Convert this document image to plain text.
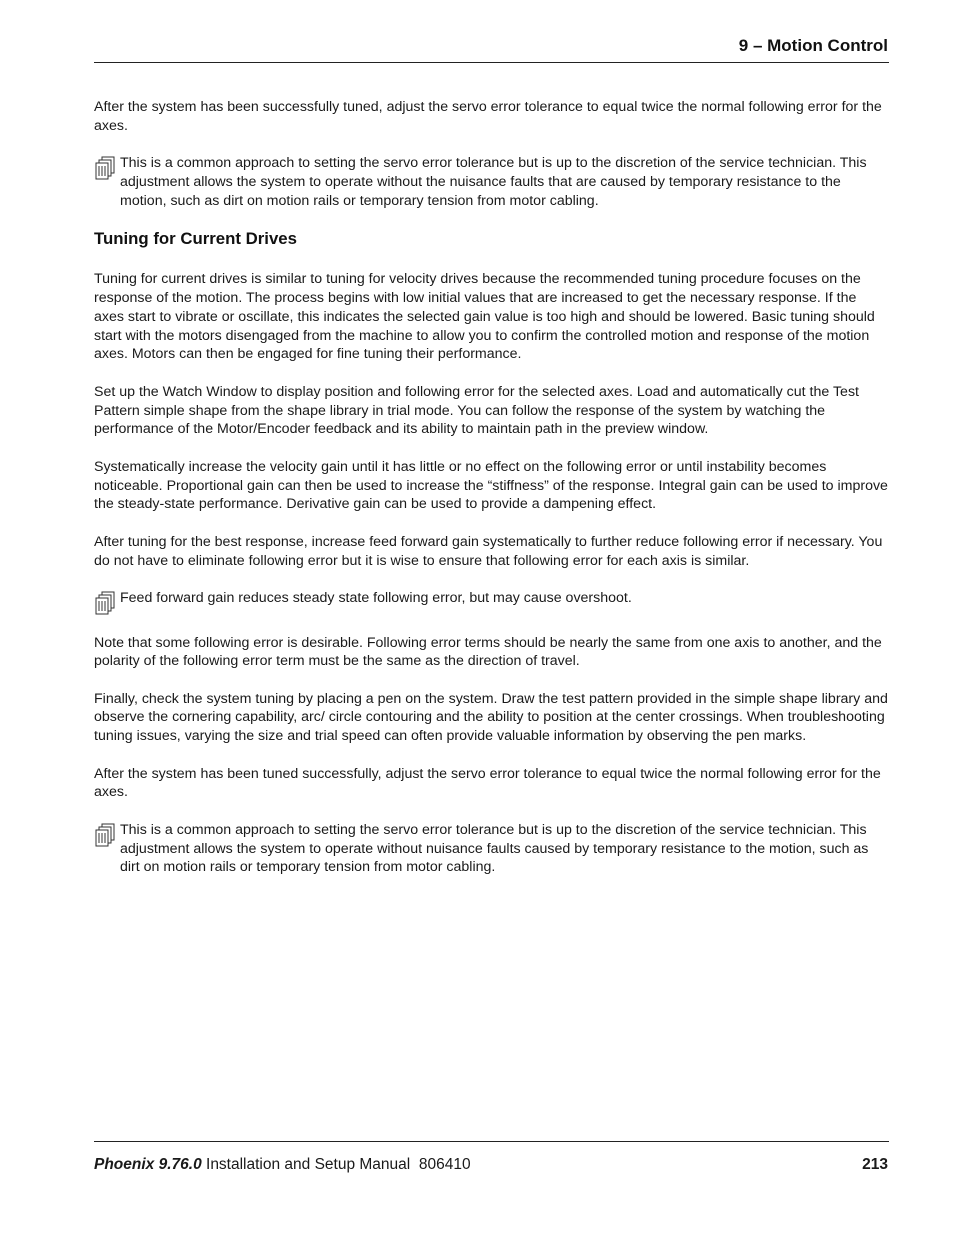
9 – Motion Control

After the system has been successfully tuned, adjust the servo error tolerance to equal twice the normal following error for the axes.

This is a common approach to setting the servo error tolerance but is up to the discretion of the service technician. This adjustment allows the system to operate without the nuisance faults that are caused by temporary resistance to the motion, such as dirt on motion rails or temporary tension from motor cabling.
Tuning for Current Drives

Tuning for current drives is similar to tuning for velocity drives because the recommended tuning procedure focuses on the response of the motion. The process begins with low initial values that are increased to get the necessary response. If the axes start to vibrate or oscillate, this indicates the selected gain value is too high and should be lowered. Basic tuning should start with the motors disengaged from the machine to allow you to confirm the controlled motion and response of the motion axes. Motors can then be engaged for fine tuning their performance.

Set up the Watch Window to display position and following error for the selected axes. Load and automatically cut the Test Pattern simple shape from the shape library in trial mode. You can follow the response of the system by watching the performance of the Motor/Encoder feedback and its ability to maintain path in the preview window.

Systematically increase the velocity gain until it has little or no effect on the following error or until instability becomes noticeable. Proportional gain can then be used to increase the “stiffness” of the response. Integral gain can be used to improve the steady-state performance. Derivative gain can be used to provide a dampening effect.

After tuning for the best response, increase feed forward gain systematically to further reduce following error if necessary. You do not have to eliminate following error but it is wise to ensure that following error for each axis is similar.

Feed forward gain reduces steady state following error, but may cause overshoot.

Note that some following error is desirable. Following error terms should be nearly the same from one axis to another, and the polarity of the following error term must be the same as the direction of travel.

Finally, check the system tuning by placing a pen on the system. Draw the test pattern provided in the simple shape library and observe the cornering capability, arc/ circle contouring and the ability to position at the center crossings. When troubleshooting tuning issues, varying the size and trial speed can often provide valuable information by observing the pen marks.

After the system has been tuned successfully, adjust the servo error tolerance to equal twice the normal following error for the axes.

This is a common approach to setting the servo error tolerance but is up to the discretion of the service technician. This adjustment allows the system to operate without nuisance faults caused by temporary resistance to the motion, such as dirt on motion rails or temporary tension from motor cabling.
Phoenix 9.76.0 Installation and Setup Manual  806410	213
